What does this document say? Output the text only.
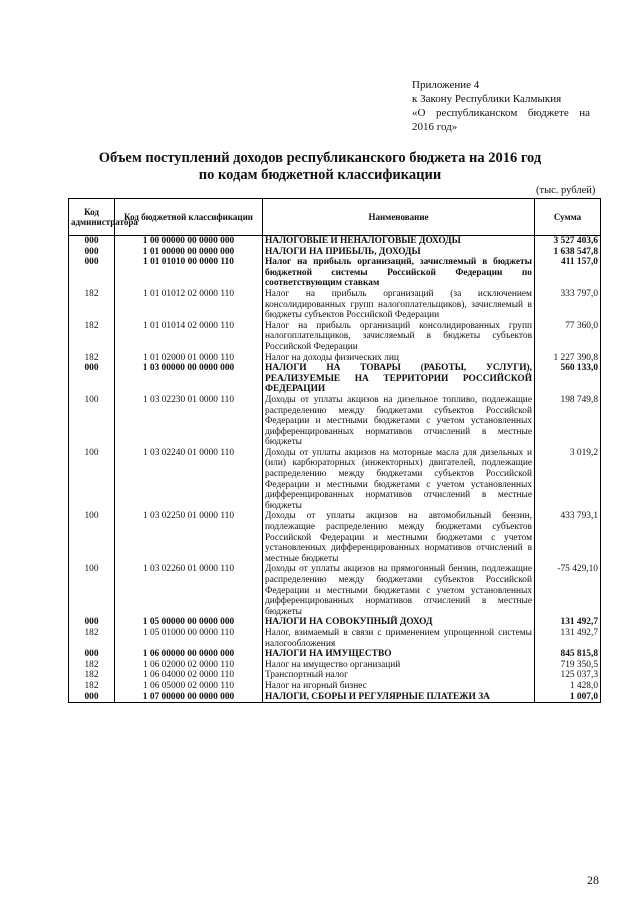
Приложение 4
к Закону Республики Калмыкия
«О республиканском бюджете на
2016 год»
Объем поступлений доходов республиканского бюджета на 2016 год
по кодам бюджетной классификации
(тыс. рублей)
Код администратора	Код бюджетной классификации	Наименование	Сумма
000	1 00 00000 00 0000 000	НАЛОГОВЫЕ И НЕНАЛОГОВЫЕ ДОХОДЫ	3 527 403,6
000	1 01 00000 00 0000 000	НАЛОГИ НА ПРИБЫЛЬ, ДОХОДЫ	1 638 547,8
000	1 01 01010 00 0000 110	Налог на прибыль организаций, зачисляемый в бюджеты бюджетной системы Российской Федерации по соответствующим ставкам	411 157,0
182	1 01 01012 02 0000 110	Налог на прибыль организаций (за исключением консолидированных групп налогоплательщиков), зачисляемый в бюджеты субъектов Российской Федерации	333 797,0
182	1 01 01014 02 0000 110	Налог на прибыль организаций консолидированных групп налогоплательщиков, зачисляемый в бюджеты субъектов Российской Федерации	77 360,0
182	1 01 02000 01 0000 110	Налог на доходы физических лиц	1 227 390,8
000	1 03 00000 00 0000 000	НАЛОГИ НА ТОВАРЫ (РАБОТЫ, УСЛУГИ), РЕАЛИЗУЕМЫЕ НА ТЕРРИТОРИИ РОССИЙСКОЙ ФЕДЕРАЦИИ	560 133,0
100	1 03 02230 01 0000 110	Доходы от уплаты акцизов на дизельное топливо, подлежащие распределению между бюджетами субъектов Российской Федерации и местными бюджетами с учетом установленных дифференцированных нормативов отчислений в местные бюджеты	198 749,8
100	1 03 02240 01 0000 110	Доходы от уплаты акцизов на моторные масла для дизельных и (или) карбюраторных (инжекторных) двигателей, подлежащие распределению между бюджетами субъектов Российской Федерации и местными бюджетами с учетом установленных дифференцированных нормативов отчислений в местные бюджеты	3 019,2
100	1 03 02250 01 0000 110	Доходы от уплаты акцизов на автомобильный бензин, подлежащие распределению между бюджетами субъектов Российской Федерации и местными бюджетами с учетом установленных дифференцированных нормативов отчислений в местные бюджеты	433 793,1
100	1 03 02260 01 0000 110	Доходы от уплаты акцизов на прямогонный бензин, подлежащие распределению между бюджетами субъектов Российской Федерации и местными бюджетами с учетом установленных дифференцированных нормативов отчислений в местные бюджеты	-75 429,10
000	1 05 00000 00 0000 000	НАЛОГИ НА СОВОКУПНЫЙ ДОХОД	131 492,7
182	1 05 01000 00 0000 110	Налог, взимаемый в связи с применением упрощенной системы налогообложения	131 492,7
000	1 06 00000 00 0000 000	НАЛОГИ НА ИМУЩЕСТВО	845 815,8
182	1 06 02000 02 0000 110	Налог на имущество организаций	719 350,5
182	1 06 04000 02 0000 110	Транспортный налог	125 037,3
182	1 06 05000 02 0000 110	Налог на игорный бизнес	1 428,0
000	1 07 00000 00 0000 000	НАЛОГИ, СБОРЫ И РЕГУЛЯРНЫЕ ПЛАТЕЖИ ЗА	1 007,0
28
